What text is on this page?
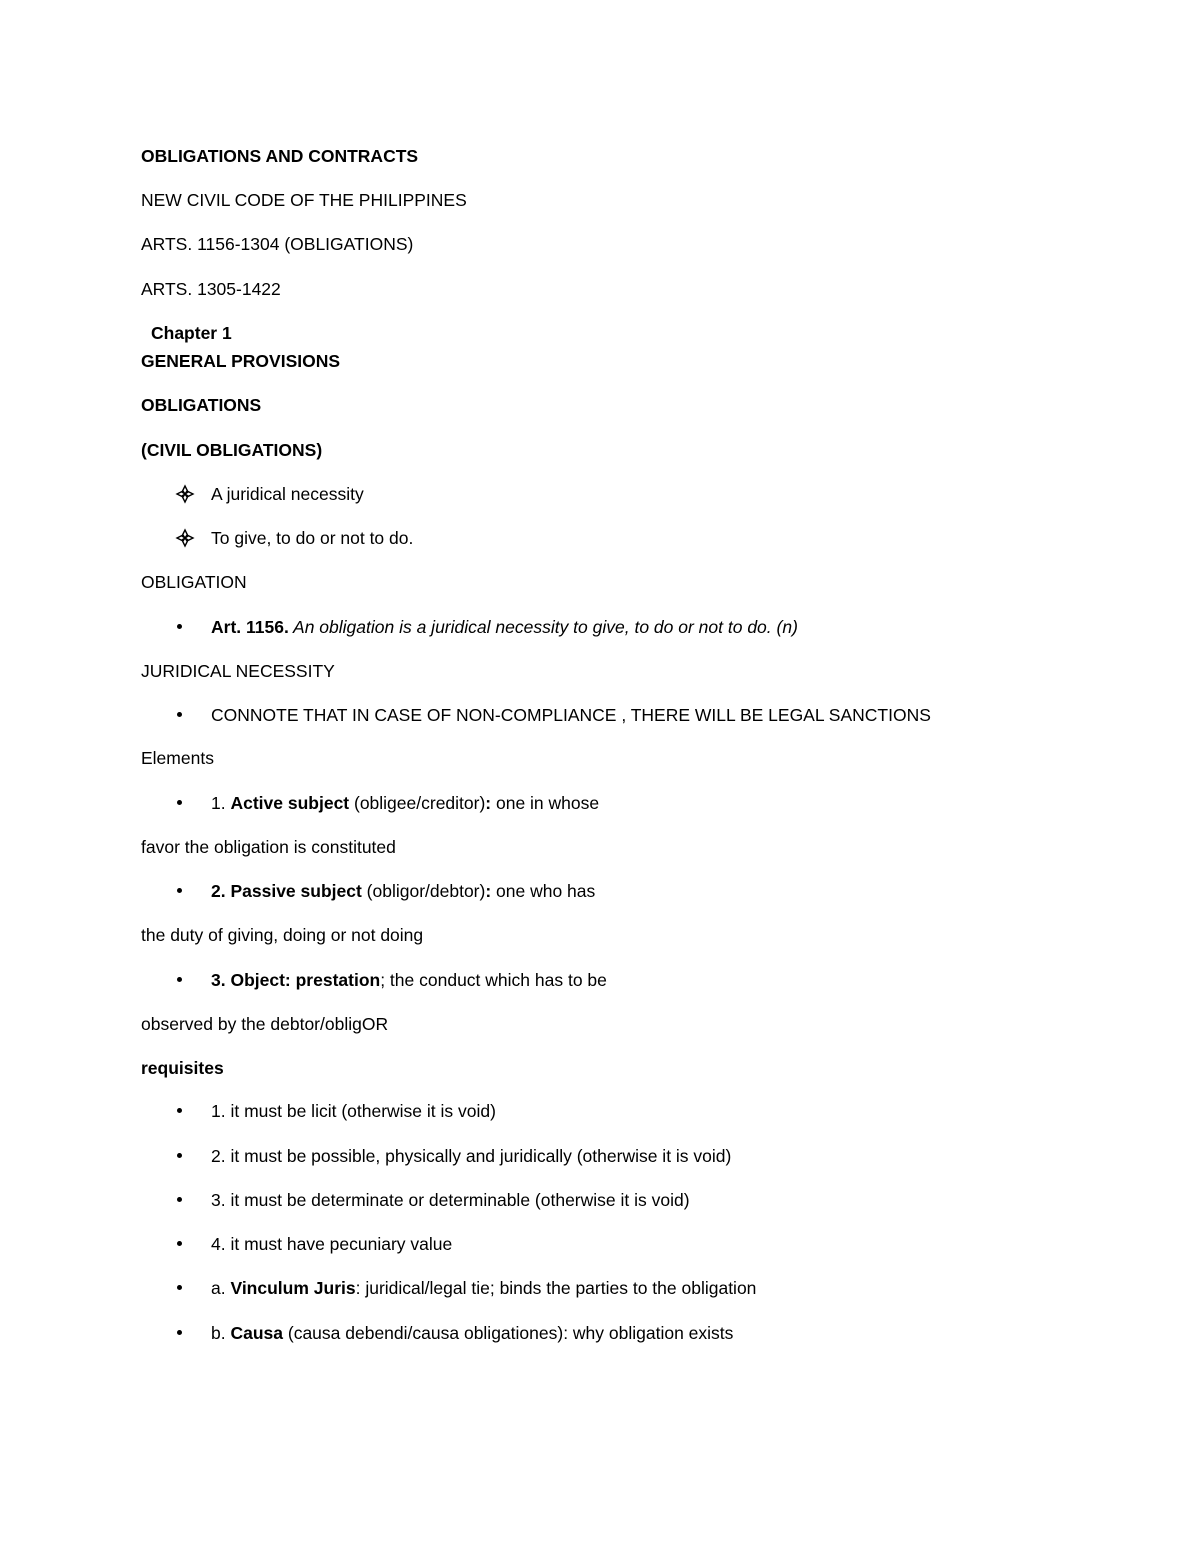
OBLIGATIONS AND CONTRACTS
NEW CIVIL CODE OF THE PHILIPPINES
ARTS. 1156-1304 (OBLIGATIONS)
ARTS. 1305-1422
Chapter 1
GENERAL PROVISIONS
OBLIGATIONS
(CIVIL OBLIGATIONS)
A juridical necessity
To give, to do or not to do.
OBLIGATION
Art. 1156. An obligation is a juridical necessity to give, to do or not to do. (n)
JURIDICAL NECESSITY
CONNOTE THAT IN CASE OF NON-COMPLIANCE , THERE WILL BE LEGAL SANCTIONS
Elements
1. Active subject (obligee/creditor): one in whose
favor the obligation is constituted
2. Passive subject (obligor/debtor): one who has
the duty of giving, doing or not doing
3. Object: prestation; the conduct which has to be
observed by the debtor/obligOR
requisites
1. it must be licit (otherwise it is void)
2. it must be possible, physically and juridically (otherwise it is void)
3. it must be determinate or determinable (otherwise it is void)
4. it must have pecuniary value
a. Vinculum Juris: juridical/legal tie; binds the parties to the obligation
b. Causa (causa debendi/causa obligationes): why obligation exists
